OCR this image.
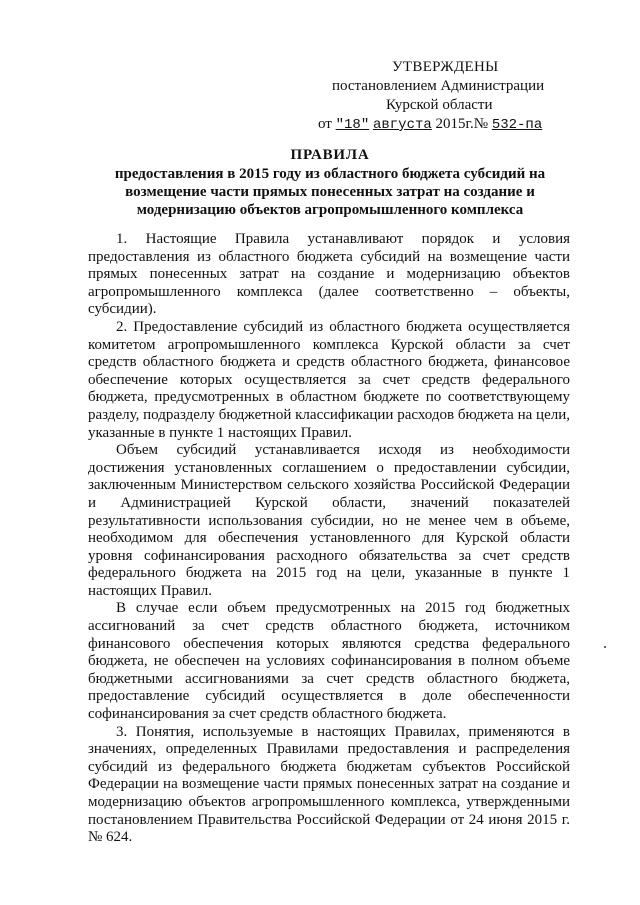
УТВЕРЖДЕНЫ
постановлением Администрации
Курской области
от "18" августа 2015г.№ 532-па
ПРАВИЛА
предоставления в 2015 году из областного бюджета субсидий на
возмещение части прямых понесенных затрат на создание и
модернизацию объектов агропромышленного комплекса

1. Настоящие Правила устанавливают порядок и условия предоставления из областного бюджета субсидий на возмещение части прямых понесенных затрат на создание и модернизацию объектов агропромышленного комплекса (далее соответственно – объекты, субсидии).

2. Предоставление субсидий из областного бюджета осуществляется комитетом агропромышленного комплекса Курской области за счет средств областного бюджета и средств областного бюджета, финансовое обеспечение которых осуществляется за счет средств федерального бюджета, предусмотренных в областном бюджете по соответствующему разделу, подразделу бюджетной классификации расходов бюджета на цели, указанные в пункте 1 настоящих Правил.

Объем субсидий устанавливается исходя из необходимости достижения установленных соглашением о предоставлении субсидии, заключенным Министерством сельского хозяйства Российской Федерации и Администрацией Курской области, значений показателей результативности использования субсидии, но не менее чем в объеме, необходимом для обеспечения установленного для Курской области уровня софинансирования расходного обязательства за счет средств федерального бюджета на 2015 год на цели, указанные в пункте 1 настоящих Правил.

В случае если объем предусмотренных на 2015 год бюджетных ассигнований за счет средств областного бюджета, источником финансового обеспечения которых являются средства федерального бюджета, не обеспечен на условиях софинансирования в полном объеме бюджетными ассигнованиями за счет средств областного бюджета, предоставление субсидий осуществляется в доле обеспеченности софинансирования за счет средств областного бюджета.

3. Понятия, используемые в настоящих Правилах, применяются в значениях, определенных Правилами предоставления и распределения субсидий из федерального бюджета бюджетам субъектов Российской Федерации на возмещение части прямых понесенных затрат на создание и модернизацию объектов агропромышленного комплекса, утвержденными постановлением Правительства Российской Федерации от 24 июня 2015 г. № 624.
